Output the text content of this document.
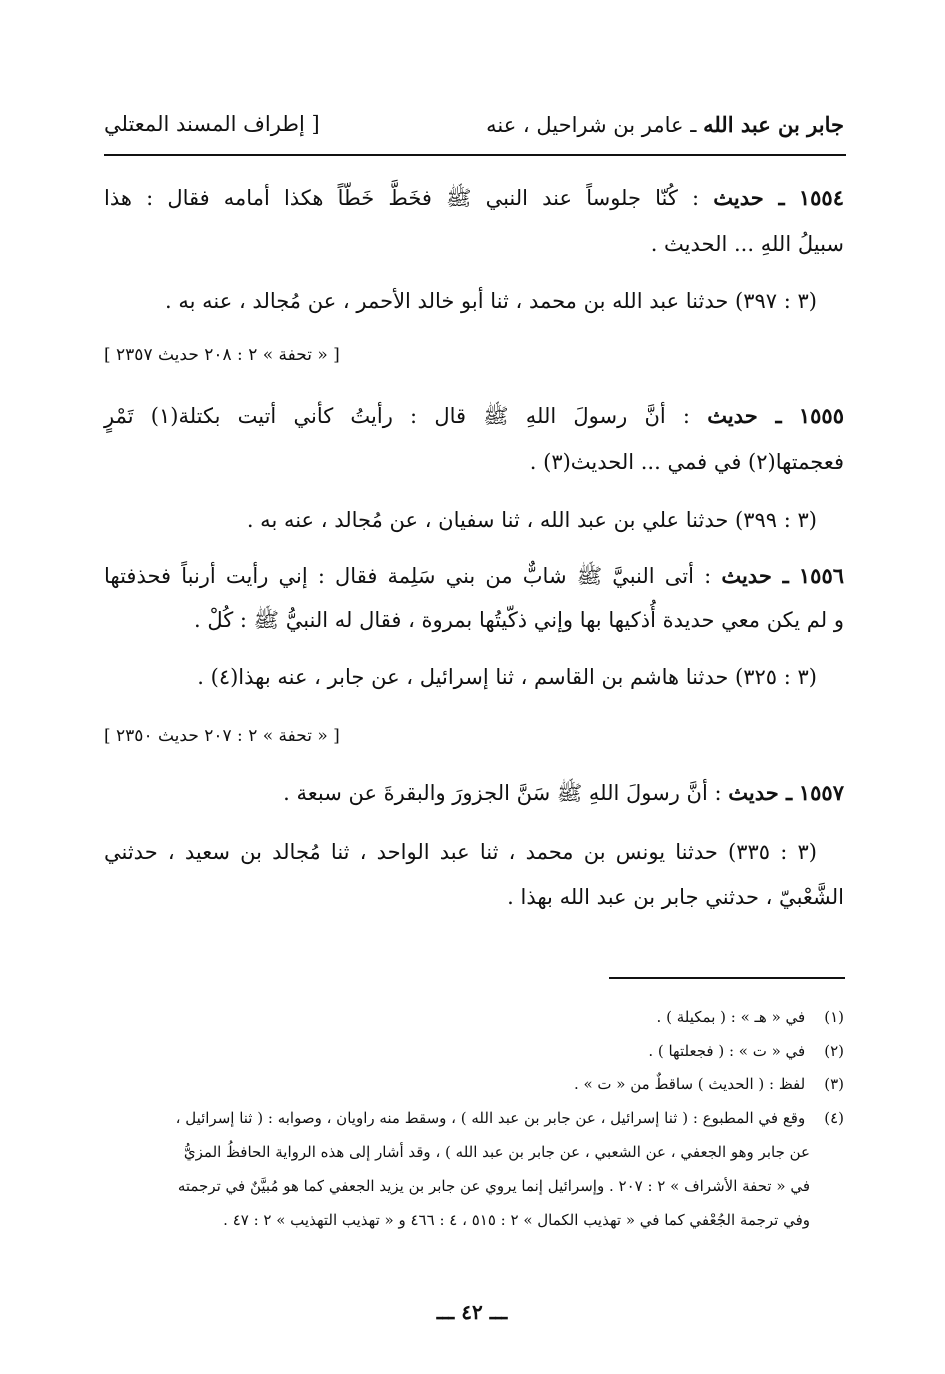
جابر بن عبد الله ـ عامر بن شراحيل ، عنه
[ إطراف المسند المعتلي
١٥٥٤ ـ حديث : كُنّا جلوساً عند النبي ﷺ فخَطَّ خَطّاً هكذا أمامه فقال : هذا
سبيلُ اللهِ ... الحديث .
(٣ : ٣٩٧) حدثنا عبد الله بن محمد ، ثنا أبو خالد الأحمر ، عن مُجالد ، عنه به .
[ « تحفة » ٢ : ٢٠٨ حديث ٢٣٥٧ ]
١٥٥٥ ـ حديث : أنَّ رسولَ اللهِ ﷺ قال : رأيتُ كأني أتيت بكتلة(١) تَمْرٍ
فعجمتها(٢) في فمي ... الحديث(٣) .
(٣ : ٣٩٩) حدثنا علي بن عبد الله ، ثنا سفيان ، عن مُجالد ، عنه به .
١٥٥٦ ـ حديث : أتى النبيَّ ﷺ شابٌّ من بني سَلِمة فقال : إني رأيت أرنباً فحذفتها
و لم يكن معي حديدة أُذكيها بها وإني ذكّيتُها بمروة ، فقال له النبيُّ ﷺ : كُلْ .
(٣ : ٣٢٥) حدثنا هاشم بن القاسم ، ثنا إسرائيل ، عن جابر ، عنه بهذا(٤) .
[ « تحفة » ٢ : ٢٠٧ حديث ٢٣٥٠ ]
١٥٥٧ ـ حديث : أنَّ رسولَ اللهِ ﷺ سَنَّ الجزورَ والبقرةَ عن سبعة .
(٣ : ٣٣٥) حدثنا يونس بن محمد ، ثنا عبد الواحد ، ثنا مُجالد بن سعيد ، حدثني
الشَّعْبيّ ، حدثني جابر بن عبد الله بهذا .
(١) في « هـ » : ( بمكيلة ) .
(٢) في « ت » : ( فجعلتها ) .
(٣) لفظ : ( الحديث ) ساقطٌ من « ت » .
(٤) وقع في المطبوع : ( ثنا إسرائيل ، عن جابر بن عبد الله ) ، وسقط منه راويان ، وصوابه : ( ثنا إسرائيل ،
عن جابر وهو الجعفي ، عن الشعبي ، عن جابر بن عبد الله ) ، وقد أشار إلى هذه الرواية الحافظُ المزيُّ
في « تحفة الأشراف » ٢ : ٢٠٧ . وإسرائيل إنما يروي عن جابر بن يزيد الجعفي كما هو مُبيَّنٌ في ترجمته
وفي ترجمة الجُعْفي كما في « تهذيب الكمال » ٢ : ٥١٥ ، ٤ : ٤٦٦ و « تهذيب التهذيب » ٢ : ٤٧ .
ـــ ٤٢ ـــ
